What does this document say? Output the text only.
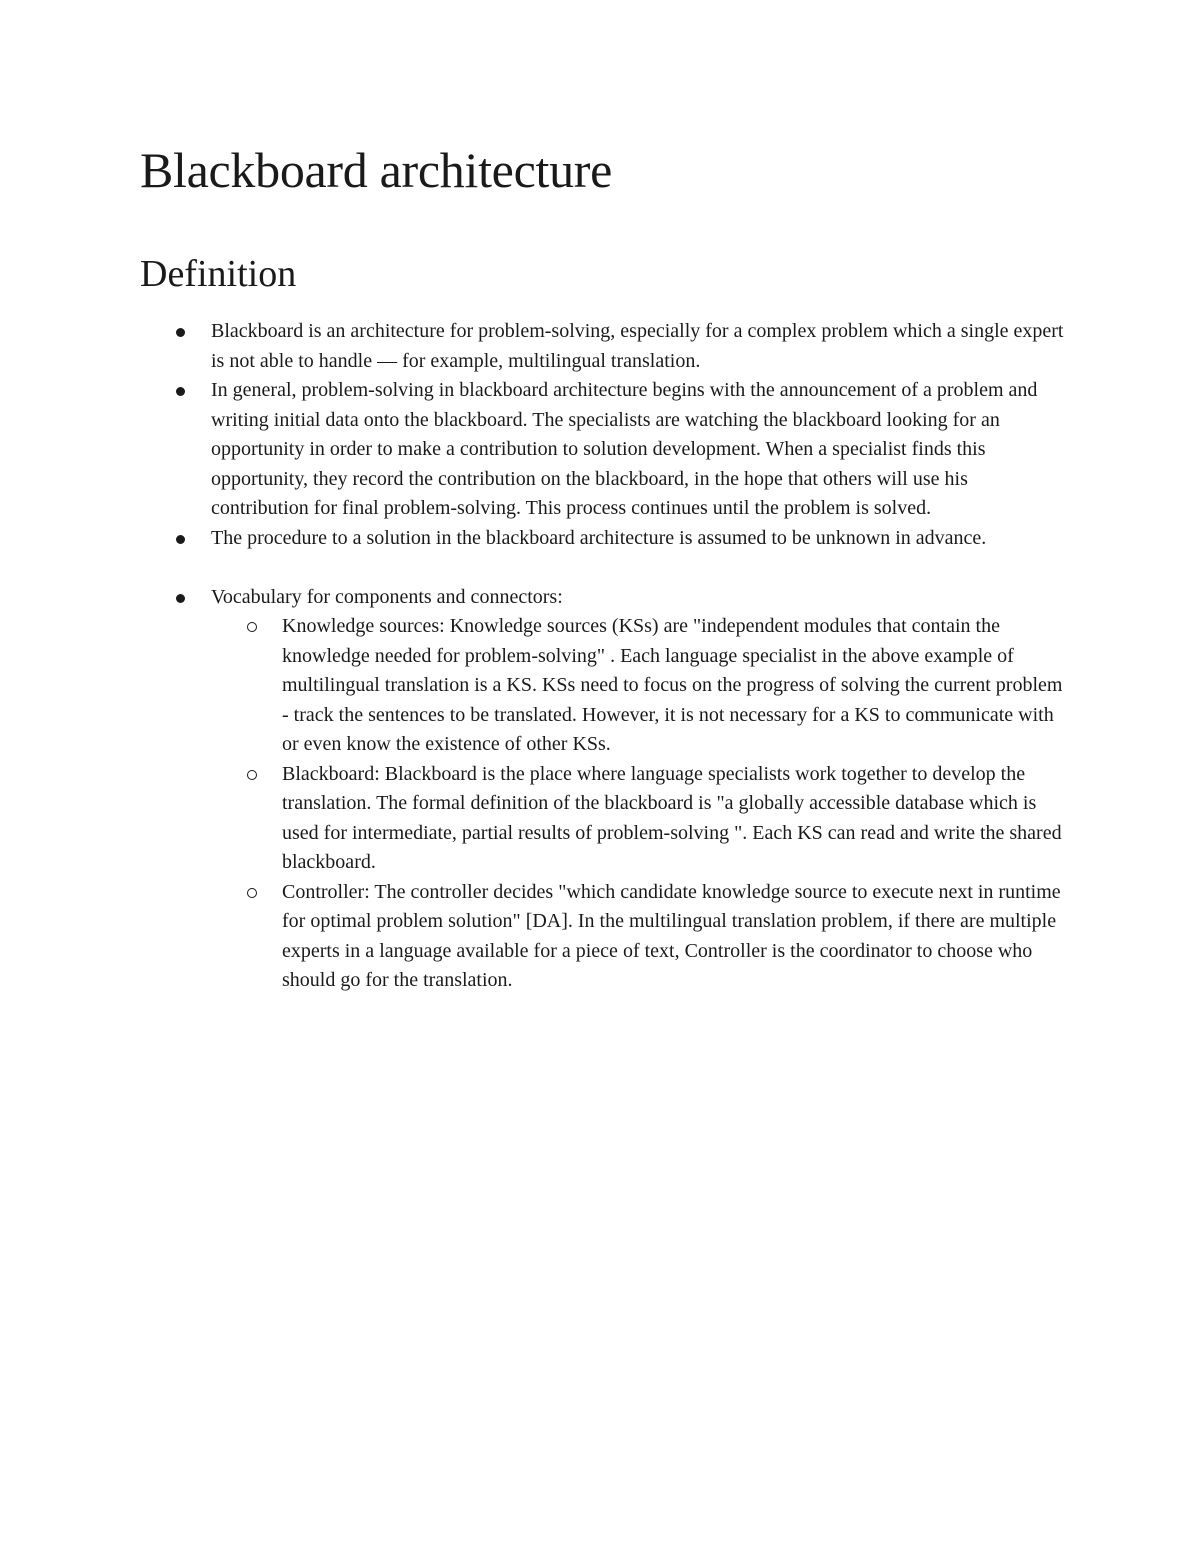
Blackboard architecture
Definition
Blackboard is an architecture for problem-solving, especially for a complex problem which a single expert is not able to handle — for example, multilingual translation.
In general, problem-solving in blackboard architecture begins with the announcement of a problem and writing initial data onto the blackboard. The specialists are watching the blackboard looking for an opportunity in order to make a contribution to solution development. When a specialist finds this opportunity, they record the contribution on the blackboard, in the hope that others will use his contribution for final problem-solving. This process continues until the problem is solved.
The procedure to a solution in the blackboard architecture is assumed to be unknown in advance.
Vocabulary for components and connectors:
Knowledge sources: Knowledge sources (KSs) are "independent modules that contain the knowledge needed for problem-solving" . Each language specialist in the above example of multilingual translation is a KS. KSs need to focus on the progress of solving the current problem - track the sentences to be translated. However, it is not necessary for a KS to communicate with or even know the existence of other KSs.
Blackboard: Blackboard is the place where language specialists work together to develop the translation. The formal definition of the blackboard is "a globally accessible database which is used for intermediate, partial results of problem-solving ". Each KS can read and write the shared blackboard.
Controller: The controller decides "which candidate knowledge source to execute next in runtime for optimal problem solution" [DA]. In the multilingual translation problem, if there are multiple experts in a language available for a piece of text, Controller is the coordinator to choose who should go for the translation.
